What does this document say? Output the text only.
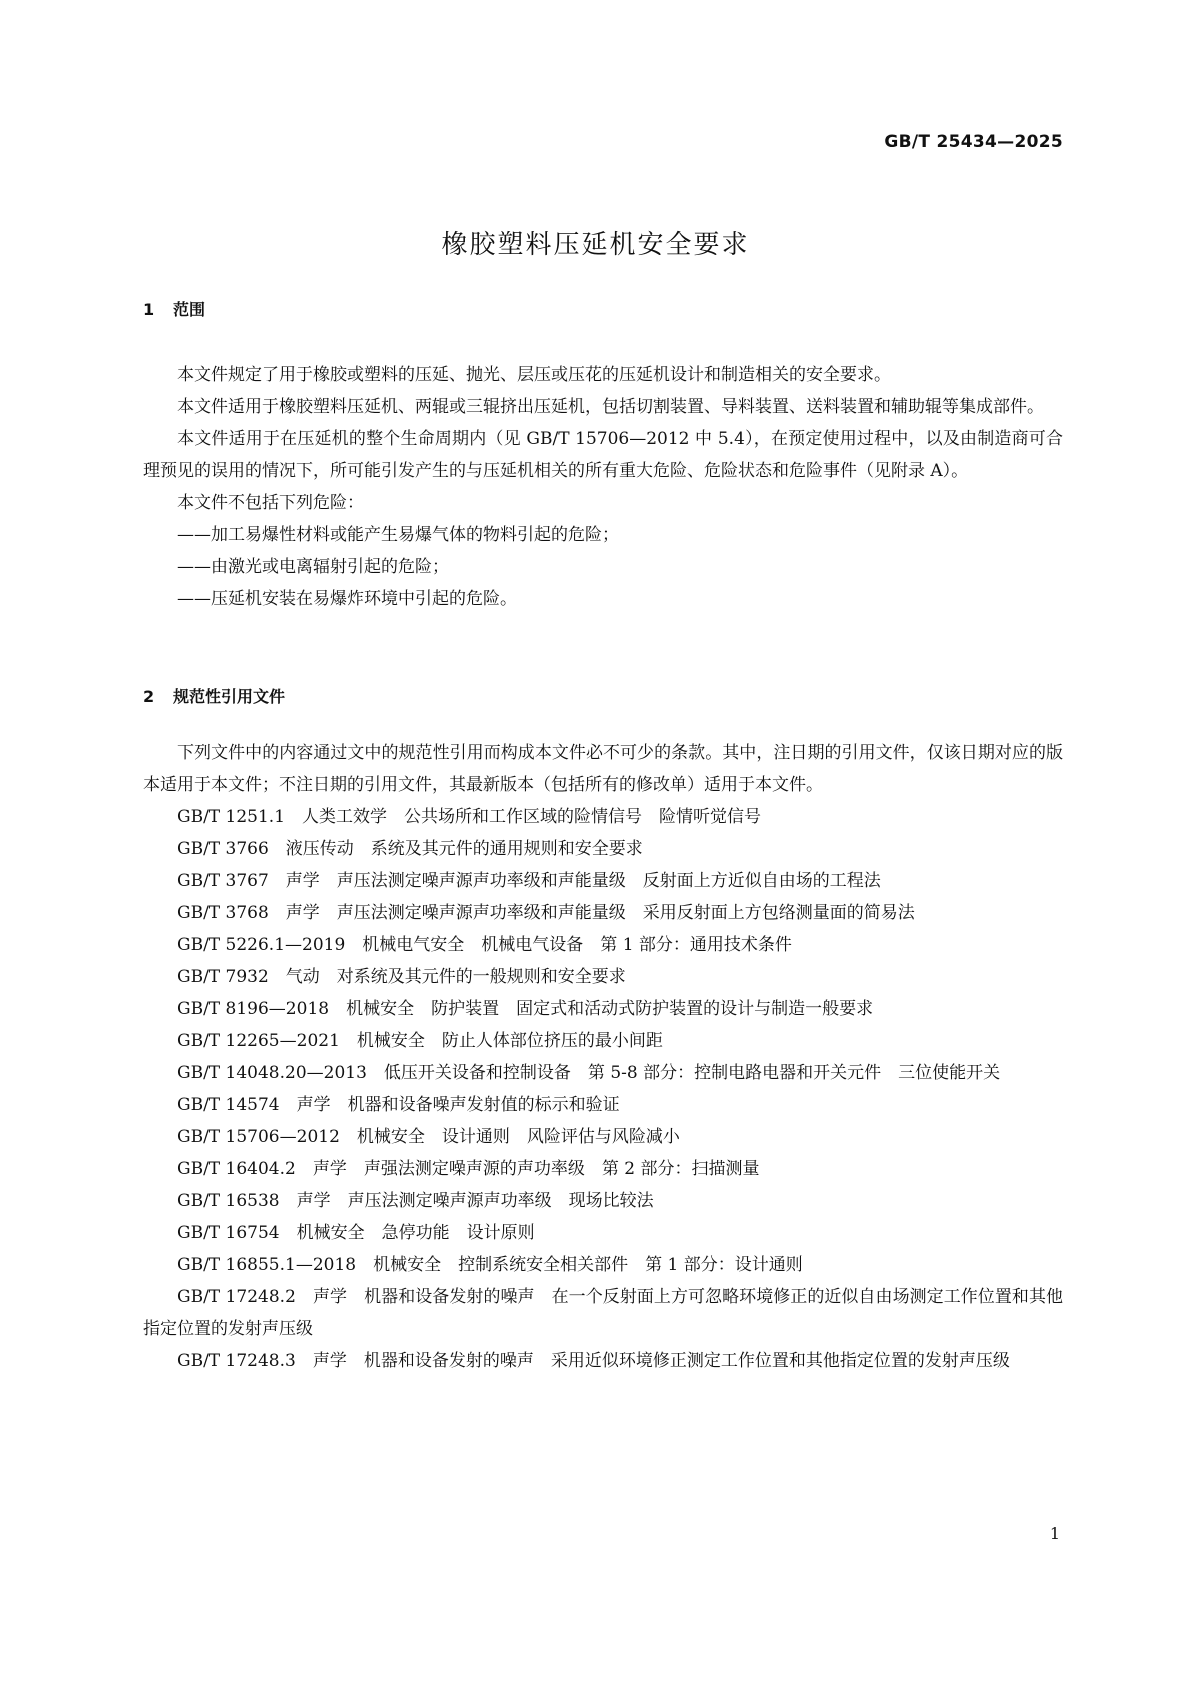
GB/T 25434—2025
橡胶塑料压延机安全要求
1 范围

本文件规定了用于橡胶或塑料的压延、抛光、层压或压花的压延机设计和制造相关的安全要求。

本文件适用于橡胶塑料压延机、两辊或三辊挤出压延机，包括切割装置、导料装置、送料装置和辅助辊等集成部件。

本文件适用于在压延机的整个生命周期内（见 GB/T 15706—2012 中 5.4），在预定使用过程中，以及由制造商可合理预见的误用的情况下，所可能引发产生的与压延机相关的所有重大危险、危险状态和危险事件（见附录 A）。

本文件不包括下列危险：

——加工易爆性材料或能产生易爆气体的物料引起的危险；

——由激光或电离辐射引起的危险；

——压延机安装在易爆炸环境中引起的危险。

2 规范性引用文件

下列文件中的内容通过文中的规范性引用而构成本文件必不可少的条款。其中，注日期的引用文件，仅该日期对应的版本适用于本文件；不注日期的引用文件，其最新版本（包括所有的修改单）适用于本文件。

GB/T 1251.1　人类工效学　公共场所和工作区域的险情信号　险情听觉信号

GB/T 3766　液压传动　系统及其元件的通用规则和安全要求

GB/T 3767　声学　声压法测定噪声源声功率级和声能量级　反射面上方近似自由场的工程法

GB/T 3768　声学　声压法测定噪声源声功率级和声能量级　采用反射面上方包络测量面的简易法

GB/T 5226.1—2019　机械电气安全　机械电气设备　第 1 部分：通用技术条件

GB/T 7932　气动　对系统及其元件的一般规则和安全要求

GB/T 8196—2018　机械安全　防护装置　固定式和活动式防护装置的设计与制造一般要求

GB/T 12265—2021　机械安全　防止人体部位挤压的最小间距

GB/T 14048.20—2013　低压开关设备和控制设备　第 5-8 部分：控制电路电器和开关元件　三位使能开关

GB/T 14574　声学　机器和设备噪声发射值的标示和验证

GB/T 15706—2012　机械安全　设计通则　风险评估与风险减小

GB/T 16404.2　声学　声强法测定噪声源的声功率级　第 2 部分：扫描测量

GB/T 16538　声学　声压法测定噪声源声功率级　现场比较法

GB/T 16754　机械安全　急停功能　设计原则

GB/T 16855.1—2018　机械安全　控制系统安全相关部件　第 1 部分：设计通则

GB/T 17248.2　声学　机器和设备发射的噪声　在一个反射面上方可忽略环境修正的近似自由场测定工作位置和其他指定位置的发射声压级

GB/T 17248.3　声学　机器和设备发射的噪声　采用近似环境修正测定工作位置和其他指定位置的发射声压级

1
